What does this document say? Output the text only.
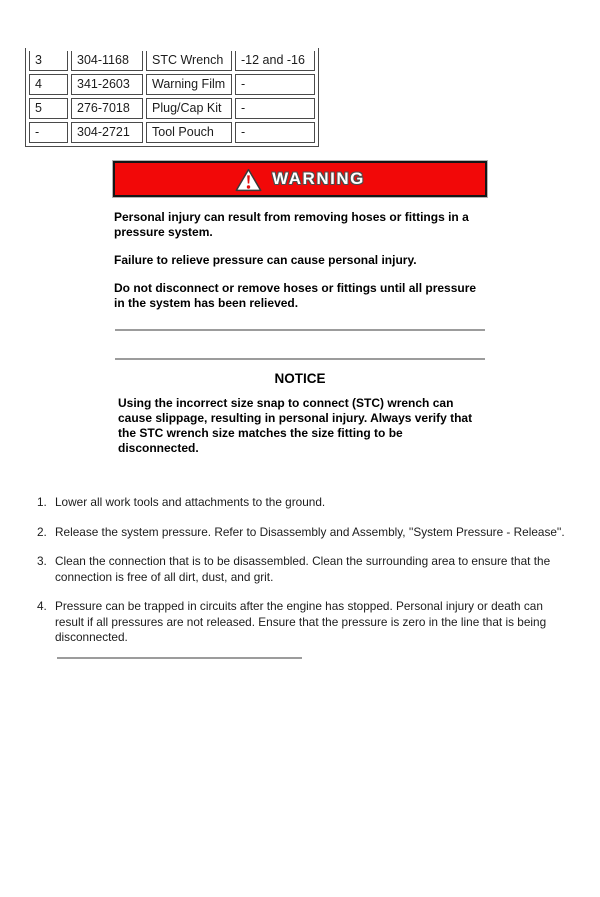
3	304-1168	STC Wrench	-12 and -16
4	341-2603	Warning Film	-
5	276-7018	Plug/Cap Kit	-
-	304-2721	Tool Pouch	-
WARNING

Personal injury can result from removing hoses or fittings in a pressure system.

Failure to relieve pressure can cause personal injury.

Do not disconnect or remove hoses or fittings until all pressure in the system has been relieved.

NOTICE

Using the incorrect size snap to connect (STC) wrench can cause slippage, resulting in personal injury. Always verify that the STC wrench size matches the size fitting to be disconnected.

1. Lower all work tools and attachments to the ground.
2. Release the system pressure. Refer to Disassembly and Assembly, ''System Pressure - Release''.
3. Clean the connection that is to be disassembled. Clean the surrounding area to ensure that the connection is free of all dirt, dust, and grit.
4. Pressure can be trapped in circuits after the engine has stopped. Personal injury or death can result if all pressures are not released. Ensure that the pressure is zero in the line that is being disconnected.
